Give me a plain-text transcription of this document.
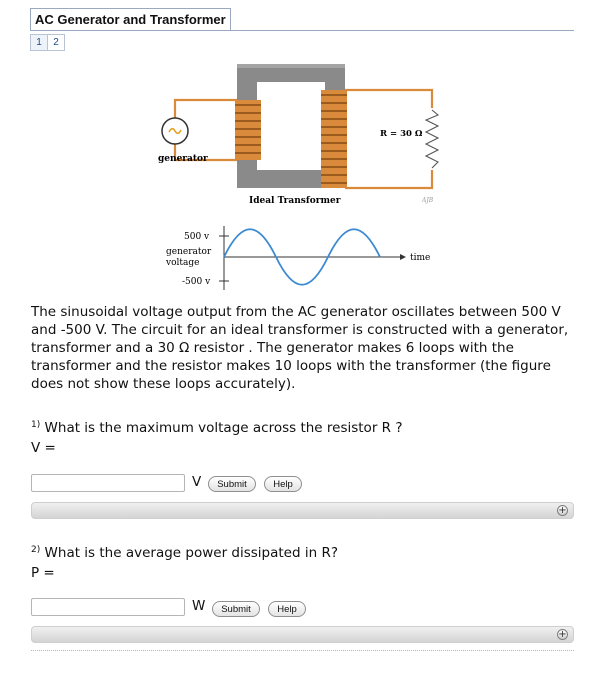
AC Generator and Transformer
1	2
generator
Ideal Transformer
R = 30 Ω
AJB
500 v
generator
voltage
-500 v
time

The sinusoidal voltage output from the AC generator oscillates between 500 V and -500 V. The circuit for an ideal transformer is constructed with a generator, transformer and a 30 Ω resistor . The generator makes 6 loops with the transformer and the resistor makes 10 loops with the transformer (the figure does not show these loops accurately).

$^{1)}$ What is the maximum voltage across the resistor R ?
V =
V	Submit	Help
+
$^{2)}$ What is the average power dissipated in R?
P =
W	Submit	Help
+
